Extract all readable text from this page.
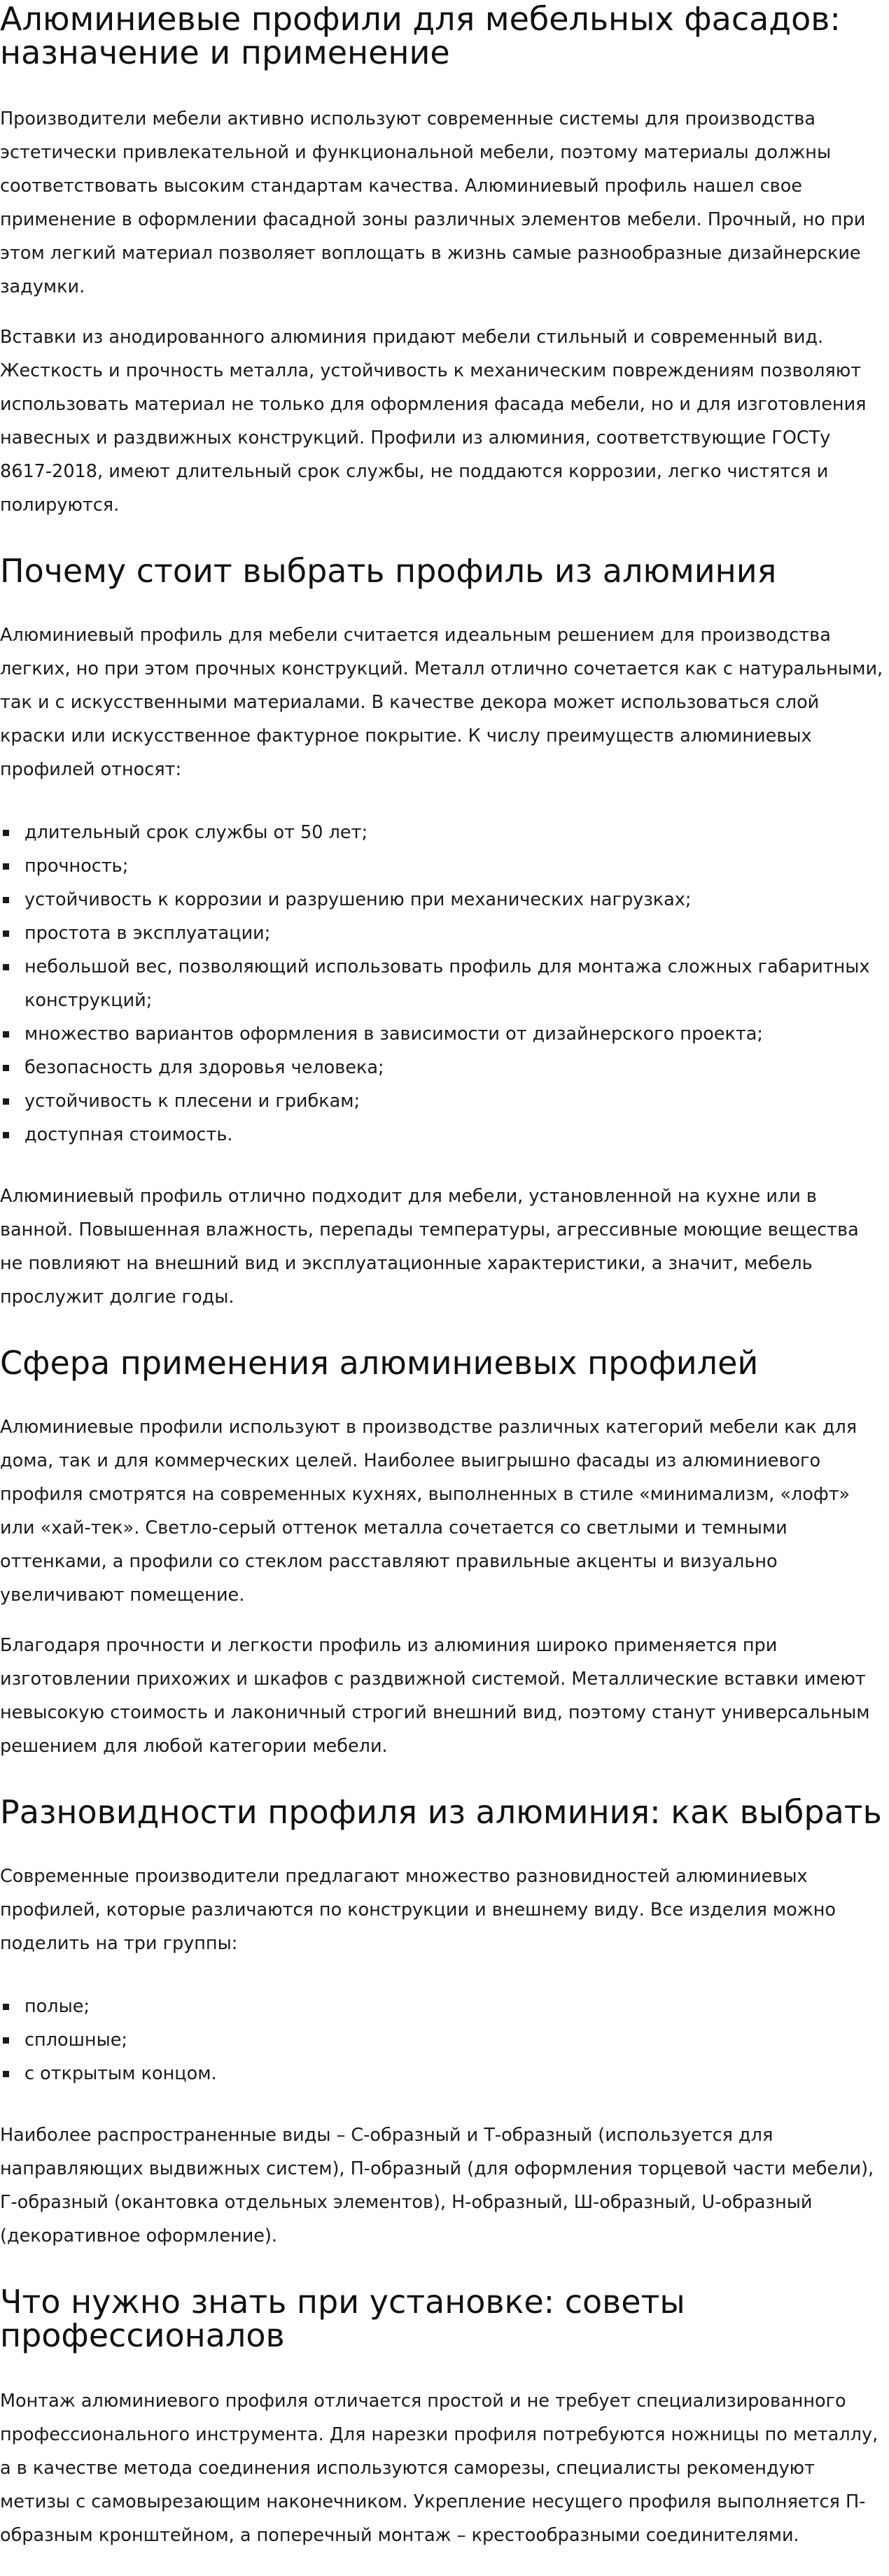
Алюминиевые профили для мебельных фасадов: назначение и применение

Производители мебели активно используют современные системы для производства эстетически привлекательной и функциональной мебели, поэтому материалы должны соответствовать высоким стандартам качества. Алюминиевый профиль нашел свое применение в оформлении фасадной зоны различных элементов мебели. Прочный, но при этом легкий материал позволяет воплощать в жизнь самые разнообразные дизайнерские задумки.

Вставки из анодированного алюминия придают мебели стильный и современный вид. Жесткость и прочность металла, устойчивость к механическим повреждениям позволяют использовать материал не только для оформления фасада мебели, но и для изготовления навесных и раздвижных конструкций. Профили из алюминия, соответствующие ГОСТу 8617-2018, имеют длительный срок службы, не поддаются коррозии, легко чистятся и полируются.

Почему стоит выбрать профиль из алюминия

Алюминиевый профиль для мебели считается идеальным решением для производства легких, но при этом прочных конструкций. Металл отлично сочетается как с натуральными, так и с искусственными материалами. В качестве декора может использоваться слой краски или искусственное фактурное покрытие. К числу преимуществ алюминиевых профилей относят:

длительный срок службы от 50 лет;
прочность;
устойчивость к коррозии и разрушению при механических нагрузках;
простота в эксплуатации;
небольшой вес, позволяющий использовать профиль для монтажа сложных габаритных конструкций;
множество вариантов оформления в зависимости от дизайнерского проекта;
безопасность для здоровья человека;
устойчивость к плесени и грибкам;
доступная стоимость.

Алюминиевый профиль отлично подходит для мебели, установленной на кухне или в ванной. Повышенная влажность, перепады температуры, агрессивные моющие вещества не повлияют на внешний вид и эксплуатационные характеристики, а значит, мебель прослужит долгие годы.

Сфера применения алюминиевых профилей

Алюминиевые профили используют в производстве различных категорий мебели как для дома, так и для коммерческих целей. Наиболее выигрышно фасады из алюминиевого профиля смотрятся на современных кухнях, выполненных в стиле «минимализм, «лофт» или «хай-тек». Светло-серый оттенок металла сочетается со светлыми и темными оттенками, а профили со стеклом расставляют правильные акценты и визуально увеличивают помещение.

Благодаря прочности и легкости профиль из алюминия широко применяется при изготовлении прихожих и шкафов с раздвижной системой. Металлические вставки имеют невысокую стоимость и лаконичный строгий внешний вид, поэтому станут универсальным решением для любой категории мебели.

Разновидности профиля из алюминия: как выбрать

Современные производители предлагают множество разновидностей алюминиевых профилей, которые различаются по конструкции и внешнему виду. Все изделия можно поделить на три группы:

полые;
сплошные;
с открытым концом.

Наиболее распространенные виды – С-образный и Т-образный (используется для направляющих выдвижных систем), П-образный (для оформления торцевой части мебели), Г-образный (окантовка отдельных элементов), Н-образный, Ш-образный, U-образный (декоративное оформление).

Что нужно знать при установке: советы профессионалов

Монтаж алюминиевого профиля отличается простой и не требует специализированного профессионального инструмента. Для нарезки профиля потребуются ножницы по металлу, а в качестве метода соединения используются саморезы, специалисты рекомендуют метизы с самовырезающим наконечником. Укрепление несущего профиля выполняется П-образным кронштейном, а поперечный монтаж – крестообразными соединителями.
